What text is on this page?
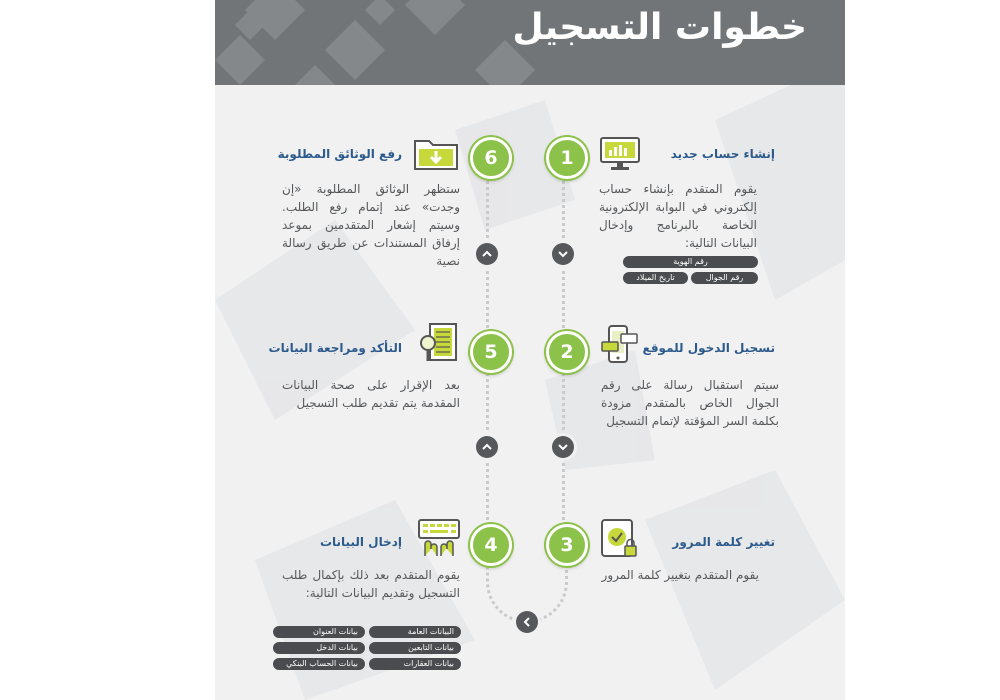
خطوات التسجيل
1
2
3
4
5
6	إنشاء حساب جديد
يقوم المتقدم بإنشاء حساب إلكتروني في البوابة الإلكترونية الخاصة بالبرنامج وإدخال البيانات التالية:
رقم الهوية
رقم الجوال
تاريخ الميلاد
تسجيل الدخول للموقع
سيتم استقبال رسالة على رقم الجوال الخاص بالمتقدم مزودة بكلمة السر المؤقتة لإتمام التسجيل
تغيير كلمة المرور
يقوم المتقدم بتغيير كلمة المرور
إدخال البيانات
يقوم المتقدم بعد ذلك بإكمال طلب التسجيل وتقديم البيانات التالية:
البيانات العامة
بيانات العنوان
بيانات التابعين
بيانات الدخل
بيانات العقارات
بيانات الحساب البنكي
التأكد ومراجعة البيانات
بعد الإقرار على صحة البيانات المقدمة يتم تقديم طلب التسجيل
رفع الوثائق المطلوبة
ستظهر الوثائق المطلوبة «إن وجدت» عند إتمام رفع الطلب. وسيتم إشعار المتقدمين بموعد إرفاق المستندات عن طريق رسالة نصية
